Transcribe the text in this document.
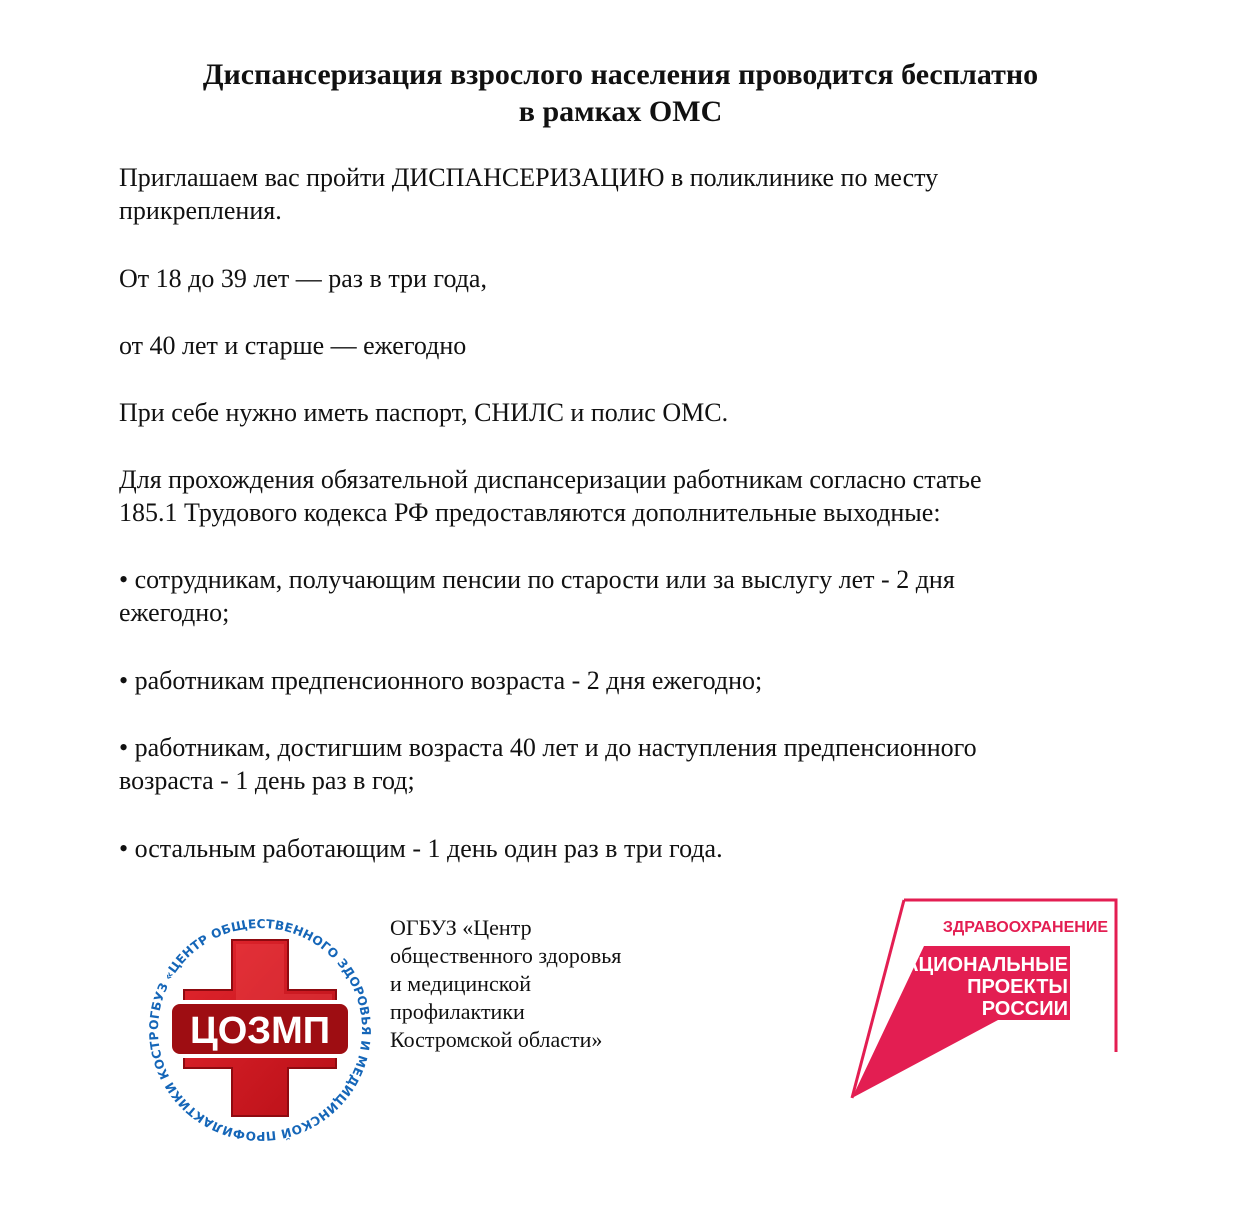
Диспансеризация взрослого населения проводится бесплатно
в рамках ОМС

Приглашаем вас пройти ДИСПАНСЕРИЗАЦИЮ в поликлинике по месту
прикрепления.

От 18 до 39 лет — раз в три года,

от 40 лет и старше — ежегодно

При себе нужно иметь паспорт, СНИЛС и полис ОМС.

Для прохождения обязательной диспансеризации работникам согласно статье
185.1 Трудового кодекса РФ предоставляются дополнительные выходные:

• сотрудникам, получающим пенсии по старости или за выслугу лет - 2 дня
ежегодно;

• работникам предпенсионного возраста - 2 дня ежегодно;

• работникам, достигшим возраста 40 лет и до наступления предпенсионного
возраста - 1 день раз в год;

• остальным работающим - 1 день один раз в три года.

ОГБУЗ «ЦЕНТР ОБЩЕСТВЕННОГО ЗДОРОВЬЯ И МЕДИЦИНСКОЙ ПРОФИЛАКТИКИ КОСТР ЦОЗМП

ОГБУЗ «Центр
общественного здоровья
и медицинской
профилактики
Костромской области»

ЗДРАВООХРАНЕНИЕ
НАЦИОНАЛЬНЫЕ
ПРОЕКТЫ
РОССИИ
